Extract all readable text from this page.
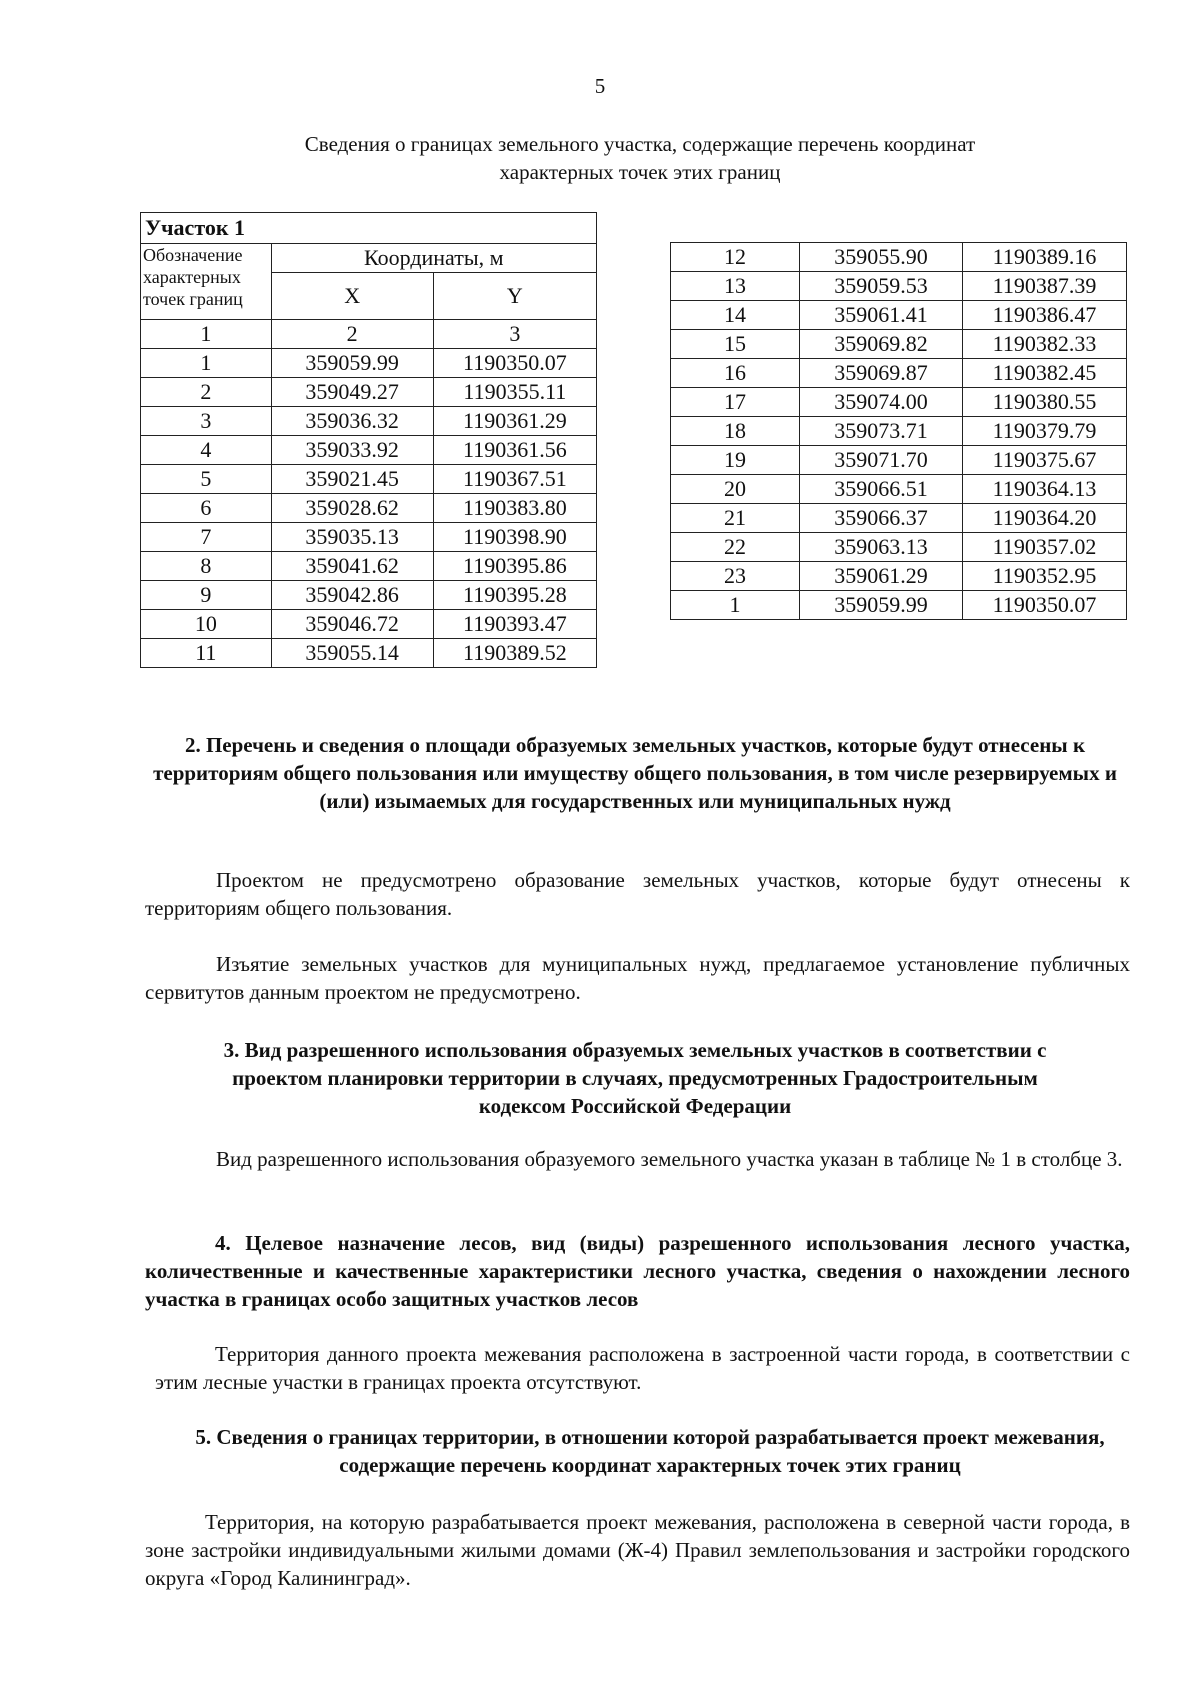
5
Сведения о границах земельного участка, содержащие перечень координат
характерных точек этих границ
Участок 1		
Обозначение характерных точек границ	Координаты, м	
	X	Y
1	2	3
1	359059.99	1190350.07
2	359049.27	1190355.11
3	359036.32	1190361.29
4	359033.92	1190361.56
5	359021.45	1190367.51
6	359028.62	1190383.80
7	359035.13	1190398.90
8	359041.62	1190395.86
9	359042.86	1190395.28
10	359046.72	1190393.47
11	359055.14	1190389.52
12	359055.90	1190389.16
13	359059.53	1190387.39
14	359061.41	1190386.47
15	359069.82	1190382.33
16	359069.87	1190382.45
17	359074.00	1190380.55
18	359073.71	1190379.79
19	359071.70	1190375.67
20	359066.51	1190364.13
21	359066.37	1190364.20
22	359063.13	1190357.02
23	359061.29	1190352.95
1	359059.99	1190350.07
2. Перечень и сведения о площади образуемых земельных участков, которые будут отнесены к территориям общего пользования или имуществу общего пользования, в том числе резервируемых и (или) изымаемых для государственных или муниципальных нужд
Проектом не предусмотрено образование земельных участков, которые будут отнесены к территориям общего пользования.
Изъятие земельных участков для муниципальных нужд, предлагаемое установление публичных сервитутов данным проектом не предусмотрено.
3. Вид разрешенного использования образуемых земельных участков в соответствии с проектом планировки территории в случаях, предусмотренных Градостроительным кодексом Российской Федерации
Вид разрешенного использования образуемого земельного участка указан в таблице № 1 в столбце 3.
4. Целевое назначение лесов, вид (виды) разрешенного использования лесного участка, количественные и качественные характеристики лесного участка, сведения о нахождении лесного участка в границах особо защитных участков лесов
Территория данного проекта межевания расположена в застроенной части города, в соответствии с этим лесные участки в границах проекта отсутствуют.
5. Сведения о границах территории, в отношении которой разрабатывается проект межевания, содержащие перечень координат характерных точек этих границ
Территория, на которую разрабатывается проект межевания, расположена в северной части города, в зоне застройки индивидуальными жилыми домами (Ж-4) Правил землепользования и застройки городского округа «Город Калининград».
